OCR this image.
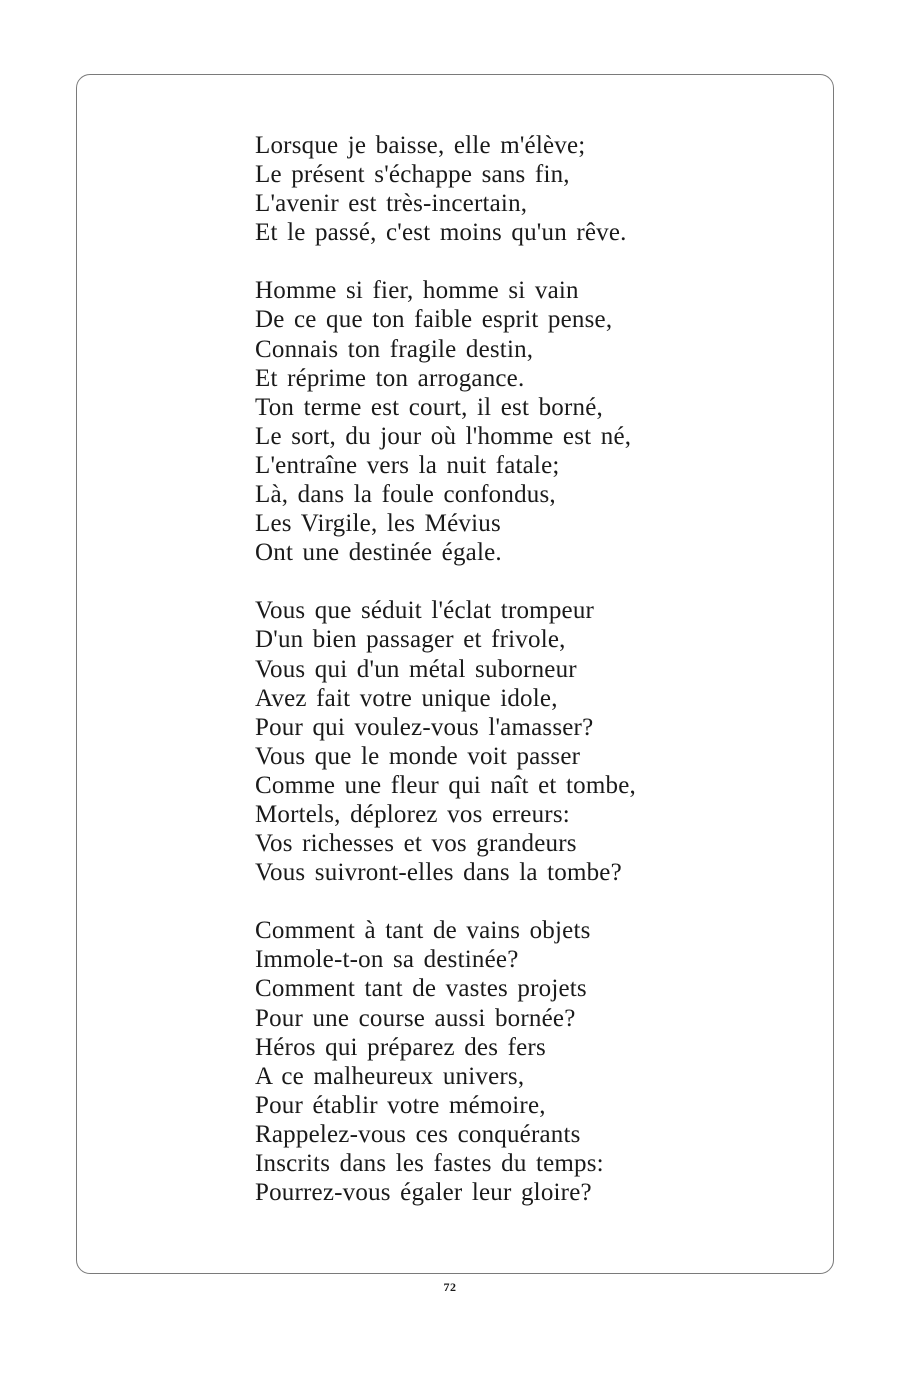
Lorsque je baisse, elle m'élève;
Le présent s'échappe sans fin,
L'avenir est très-incertain,
Et le passé, c'est moins qu'un rêve.
Homme si fier, homme si vain
De ce que ton faible esprit pense,
Connais ton fragile destin,
Et réprime ton arrogance.
Ton terme est court, il est borné,
Le sort, du jour où l'homme est né,
L'entraîne vers la nuit fatale;
Là, dans la foule confondus,
Les Virgile, les Mévius
Ont une destinée égale.
Vous que séduit l'éclat trompeur
D'un bien passager et frivole,
Vous qui d'un métal suborneur
Avez fait votre unique idole,
Pour qui voulez-vous l'amasser?
Vous que le monde voit passer
Comme une fleur qui naît et tombe,
Mortels, déplorez vos erreurs:
Vos richesses et vos grandeurs
Vous suivront-elles dans la tombe?
Comment à tant de vains objets
Immole-t-on sa destinée?
Comment tant de vastes projets
Pour une course aussi bornée?
Héros qui préparez des fers
A ce malheureux univers,
Pour établir votre mémoire,
Rappelez-vous ces conquérants
Inscrits dans les fastes du temps:
Pourrez-vous égaler leur gloire?
72
